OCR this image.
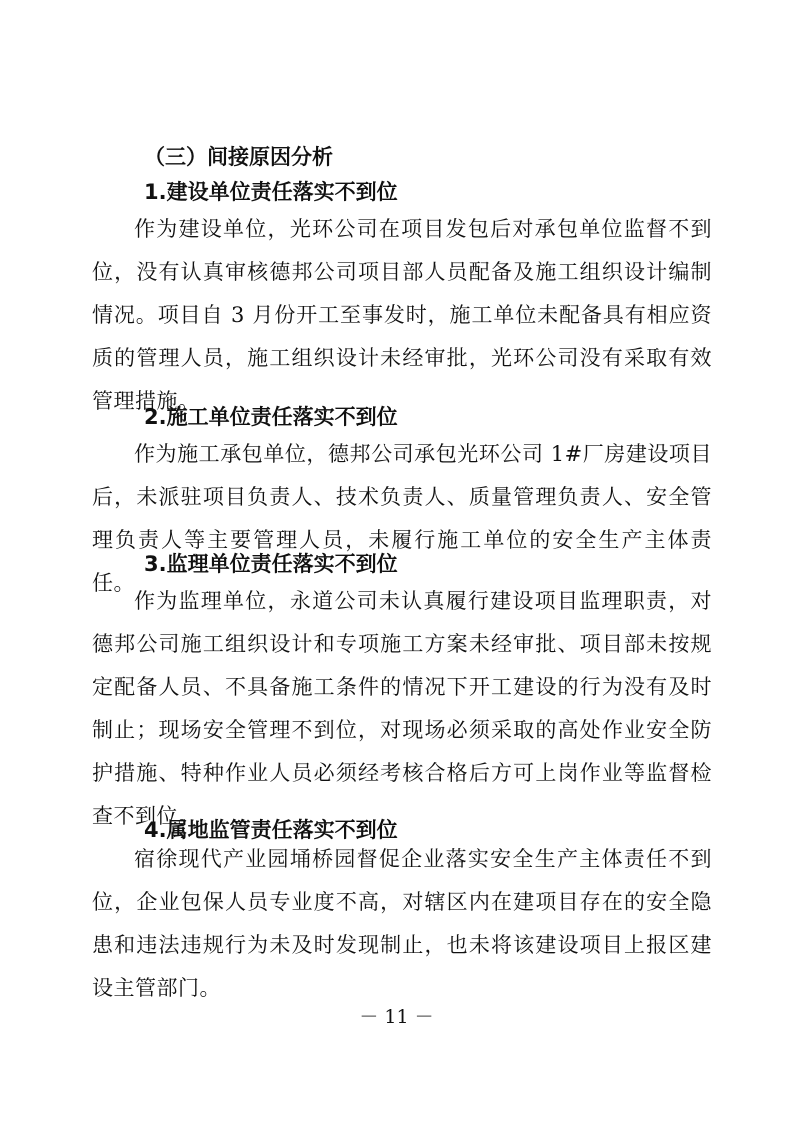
（三）间接原因分析
1.建设单位责任落实不到位

作为建设单位，光环公司在项目发包后对承包单位监督不到位，没有认真审核德邦公司项目部人员配备及施工组织设计编制情况。项目自 3 月份开工至事发时，施工单位未配备具有相应资质的管理人员，施工组织设计未经审批，光环公司没有采取有效管理措施。

2.施工单位责任落实不到位

作为施工承包单位，德邦公司承包光环公司 1#厂房建设项目后，未派驻项目负责人、技术负责人、质量管理负责人、安全管理负责人等主要管理人员，未履行施工单位的安全生产主体责任。

3.监理单位责任落实不到位

作为监理单位，永道公司未认真履行建设项目监理职责，对德邦公司施工组织设计和专项施工方案未经审批、项目部未按规定配备人员、不具备施工条件的情况下开工建设的行为没有及时制止；现场安全管理不到位，对现场必须采取的高处作业安全防护措施、特种作业人员必须经考核合格后方可上岗作业等监督检查不到位。

4.属地监管责任落实不到位

宿徐现代产业园埇桥园督促企业落实安全生产主体责任不到位，企业包保人员专业度不高，对辖区内在建项目存在的安全隐患和违法违规行为未及时发现制止，也未将该建设项目上报区建设主管部门。

－ 11 －
